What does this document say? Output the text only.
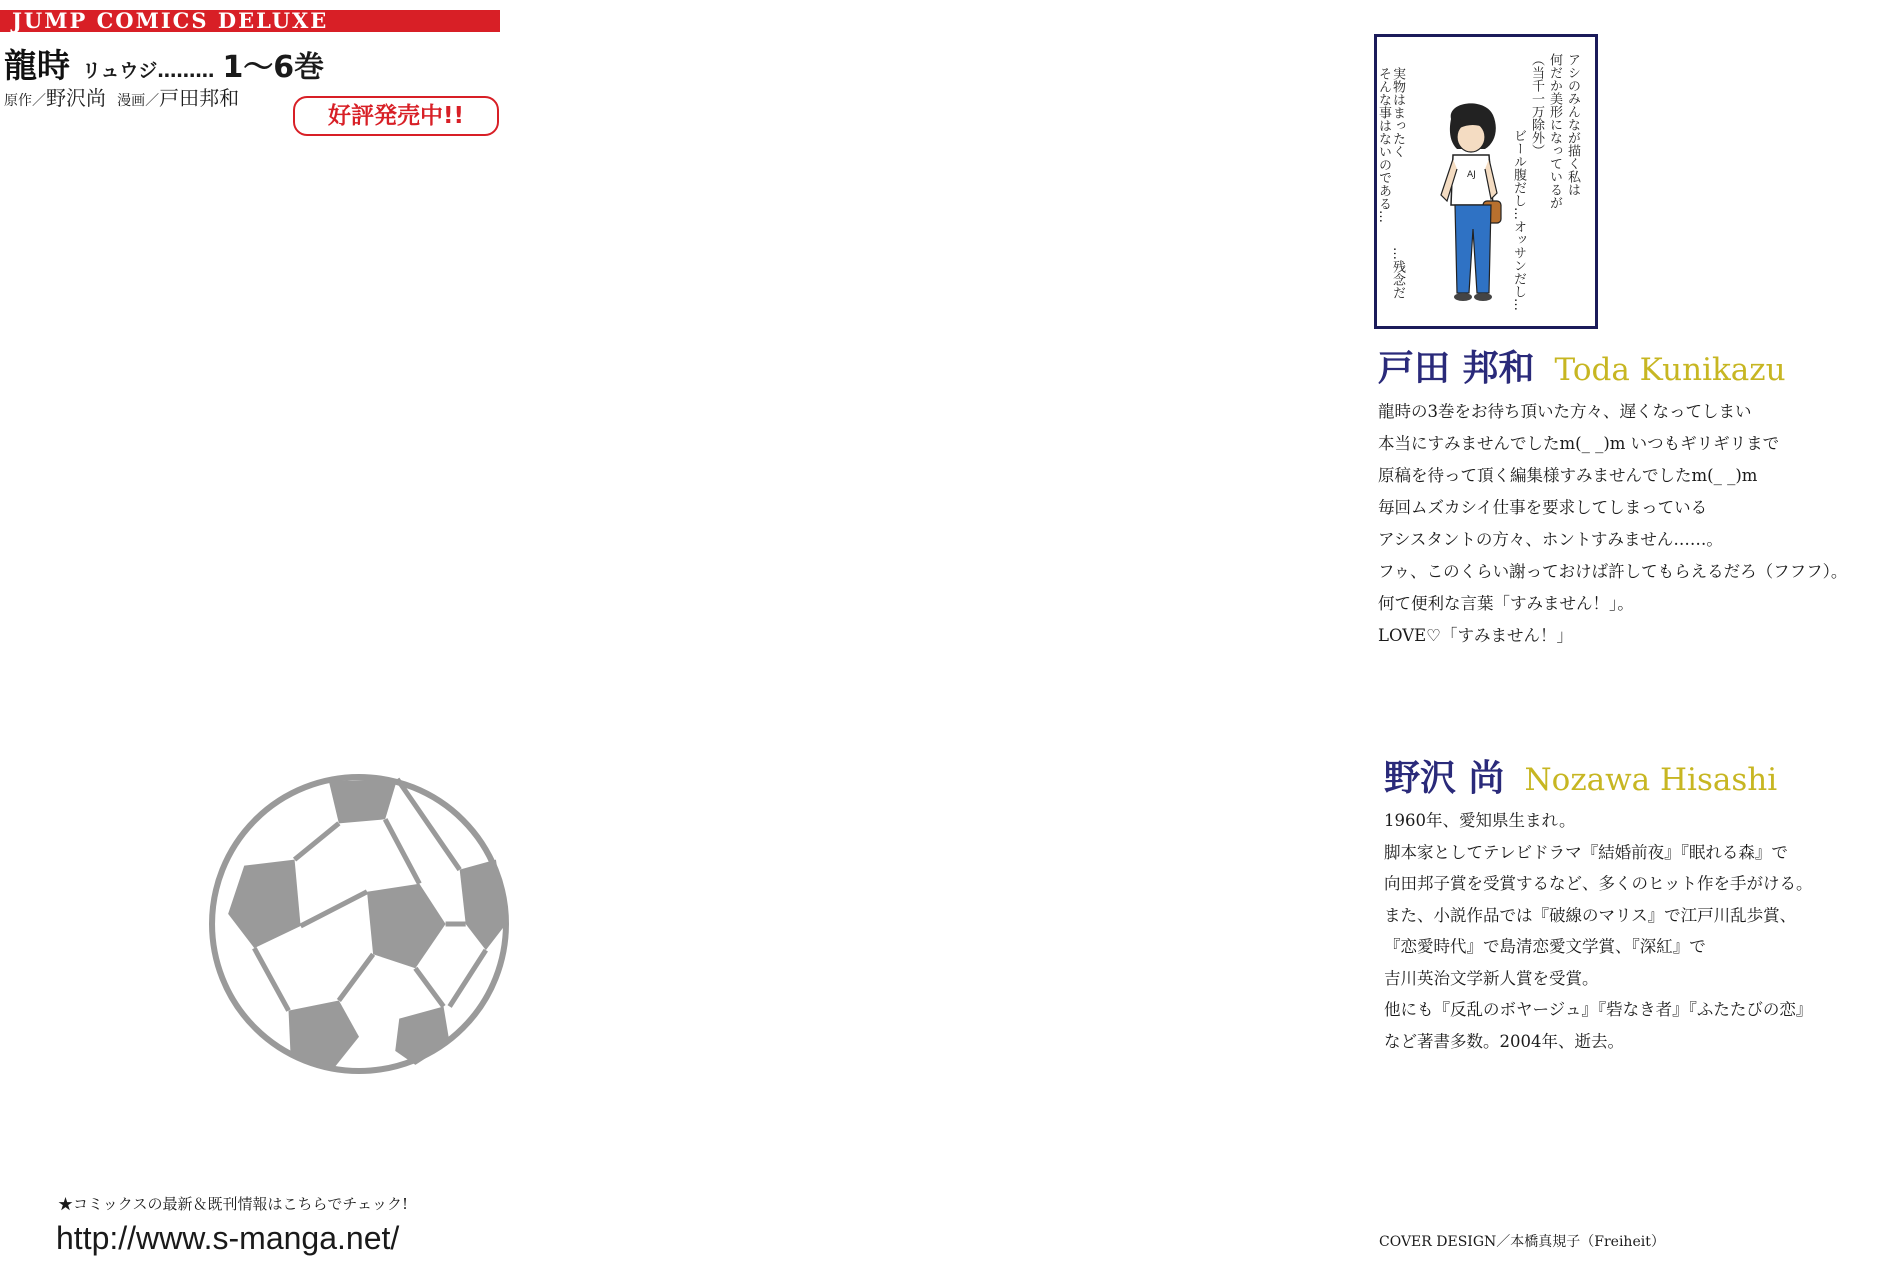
JUMP COMICS DELUXE
龍時 リュウジ……… 1〜6巻
原作／野沢尚 漫画／戸田邦和
好評発売中!!
★コミックスの最新＆既刊情報はこちらでチェック!
http://www.s-manga.net/
アシのみんなが描く私は
何だか美形になっているが
（当千一万除外）
ビール腹だし…オッサンだし…
実物はまったく
そんな事はないのである…
…残念だ
AJ
戸田 邦和 Toda Kunikazu

龍時の3巻をお待ち頂いた方々、遅くなってしまい

本当にすみませんでしたm(_ _)m いつもギリギリまで

原稿を待って頂く編集様すみませんでしたm(_ _)m

毎回ムズカシイ仕事を要求してしまっている

アシスタントの方々、ホントすみません……。

フゥ、このくらい謝っておけば許してもらえるだろ（フフフ）。

何て便利な言葉「すみません！」。

LOVE♡「すみません！」

野沢 尚 Nozawa Hisashi

1960年、愛知県生まれ。

脚本家としてテレビドラマ『結婚前夜』『眠れる森』で

向田邦子賞を受賞するなど、多くのヒット作を手がける。

また、小説作品では『破線のマリス』で江戸川乱歩賞、

『恋愛時代』で島清恋愛文学賞、『深紅』で

吉川英治文学新人賞を受賞。

他にも『反乱のボヤージュ』『砦なき者』『ふたたびの恋』

など著書多数。2004年、逝去。

COVER DESIGN／本橋真規子（Freiheit）
